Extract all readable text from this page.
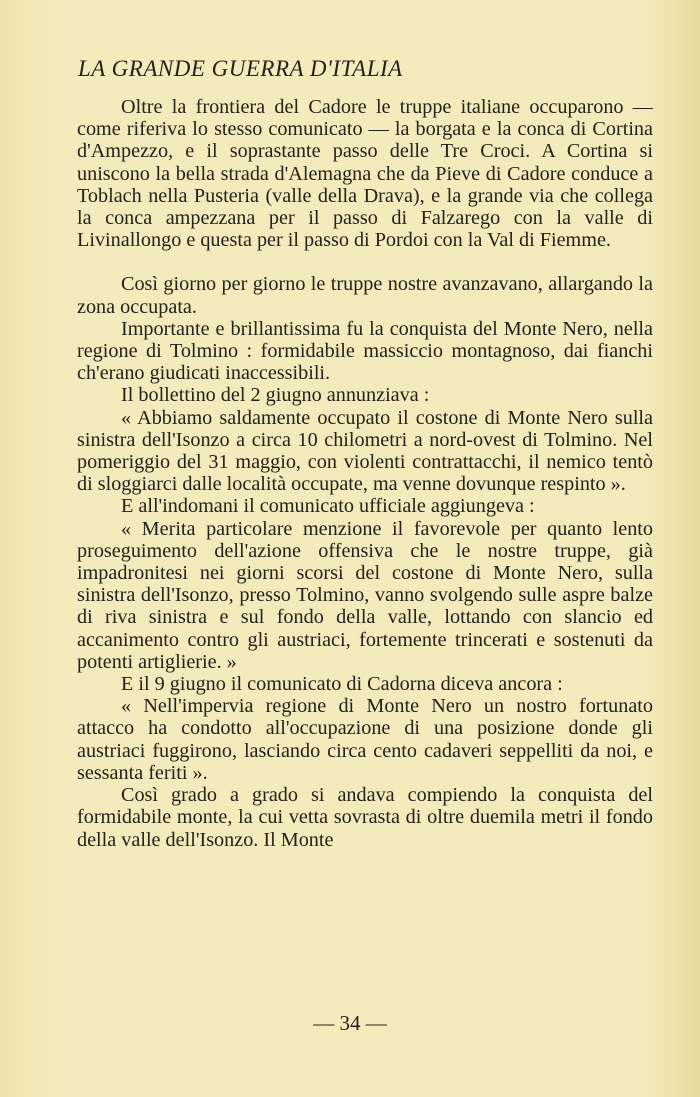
LA GRANDE GUERRA D'ITALIA

Oltre la frontiera del Cadore le truppe italiane occuparono — come riferiva lo stesso comunicato — la borgata e la conca di Cortina d'Ampezzo, e il soprastante passo delle Tre Croci. A Cortina si uniscono la bella strada d'Alemagna che da Pieve di Cadore conduce a Toblach nella Pusteria (valle della Drava), e la grande via che collega la conca ampezzana per il passo di Falzarego con la valle di Livinallongo e questa per il passo di Pordoi con la Val di Fiemme.

Così giorno per giorno le truppe nostre avanzavano, allargando la zona occupata.

Importante e brillantissima fu la conquista del Monte Nero, nella regione di Tolmino : formidabile massiccio montagnoso, dai fianchi ch'erano giudicati inaccessibili.

Il bollettino del 2 giugno annunziava :

« Abbiamo saldamente occupato il costone di Monte Nero sulla sinistra dell'Isonzo a circa 10 chilometri a nord-ovest di Tolmino. Nel pomeriggio del 31 maggio, con violenti contrattacchi, il nemico tentò di sloggiarci dalle località occupate, ma venne dovunque respinto ».

E all'indomani il comunicato ufficiale aggiungeva :

« Merita particolare menzione il favorevole per quanto lento proseguimento dell'azione offensiva che le nostre truppe, già impadronitesi nei giorni scorsi del costone di Monte Nero, sulla sinistra dell'Isonzo, presso Tolmino, vanno svolgendo sulle aspre balze di riva sinistra e sul fondo della valle, lottando con slancio ed accanimento contro gli austriaci, fortemente trincerati e sostenuti da potenti artiglierie. »

E il 9 giugno il comunicato di Cadorna diceva ancora :

« Nell'impervia regione di Monte Nero un nostro fortunato attacco ha condotto all'occupazione di una posizione donde gli austriaci fuggirono, lasciando circa cento cadaveri seppelliti da noi, e sessanta feriti ».

Così grado a grado si andava compiendo la conquista del formidabile monte, la cui vetta sovrasta di oltre duemila metri il fondo della valle dell'Isonzo. Il Monte

— 34 —
